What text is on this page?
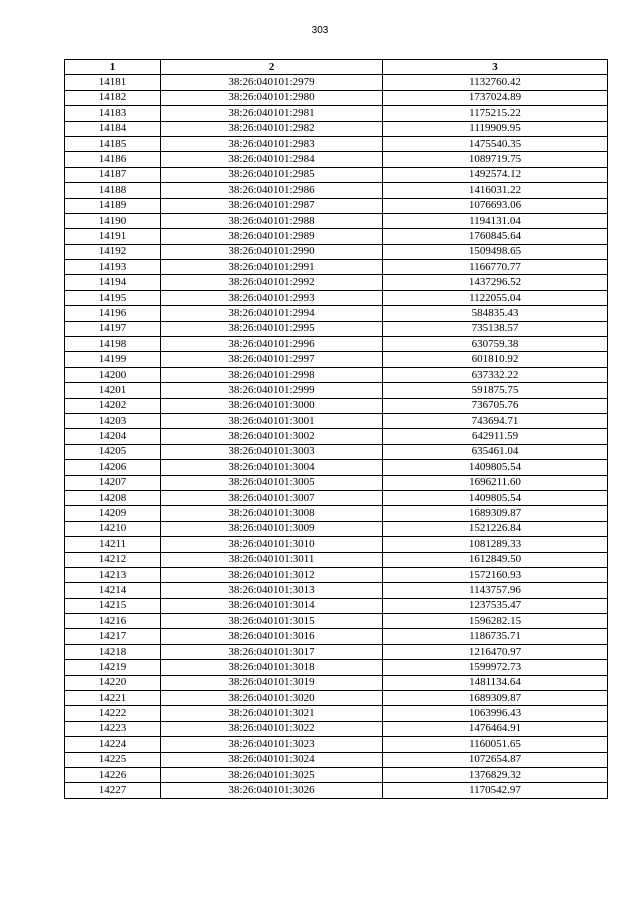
303
1	2	3
14181	38:26:040101:2979	1132760.42
14182	38:26:040101:2980	1737024.89
14183	38:26:040101:2981	1175215.22
14184	38:26:040101:2982	1119909.95
14185	38:26:040101:2983	1475540.35
14186	38:26:040101:2984	1089719.75
14187	38:26:040101:2985	1492574.12
14188	38:26:040101:2986	1416031.22
14189	38:26:040101:2987	1076693.06
14190	38:26:040101:2988	1194131.04
14191	38:26:040101:2989	1760845.64
14192	38:26:040101:2990	1509498.65
14193	38:26:040101:2991	1166770.77
14194	38:26:040101:2992	1437296.52
14195	38:26:040101:2993	1122055.04
14196	38:26:040101:2994	584835.43
14197	38:26:040101:2995	735138.57
14198	38:26:040101:2996	630759.38
14199	38:26:040101:2997	601810.92
14200	38:26:040101:2998	637332.22
14201	38:26:040101:2999	591875.75
14202	38:26:040101:3000	736705.76
14203	38:26:040101:3001	743694.71
14204	38:26:040101:3002	642911.59
14205	38:26:040101:3003	635461.04
14206	38:26:040101:3004	1409805.54
14207	38:26:040101:3005	1696211.60
14208	38:26:040101:3007	1409805.54
14209	38:26:040101:3008	1689309.87
14210	38:26:040101:3009	1521226.84
14211	38:26:040101:3010	1081289.33
14212	38:26:040101:3011	1612849.50
14213	38:26:040101:3012	1572160.93
14214	38:26:040101:3013	1143757.96
14215	38:26:040101:3014	1237535.47
14216	38:26:040101:3015	1596282.15
14217	38:26:040101:3016	1186735.71
14218	38:26:040101:3017	1216470.97
14219	38:26:040101:3018	1599972.73
14220	38:26:040101:3019	1481134.64
14221	38:26:040101:3020	1689309.87
14222	38:26:040101:3021	1063996.43
14223	38:26:040101:3022	1476464.91
14224	38:26:040101:3023	1160051.65
14225	38:26:040101:3024	1072654.87
14226	38:26:040101:3025	1376829.32
14227	38:26:040101:3026	1170542.97
